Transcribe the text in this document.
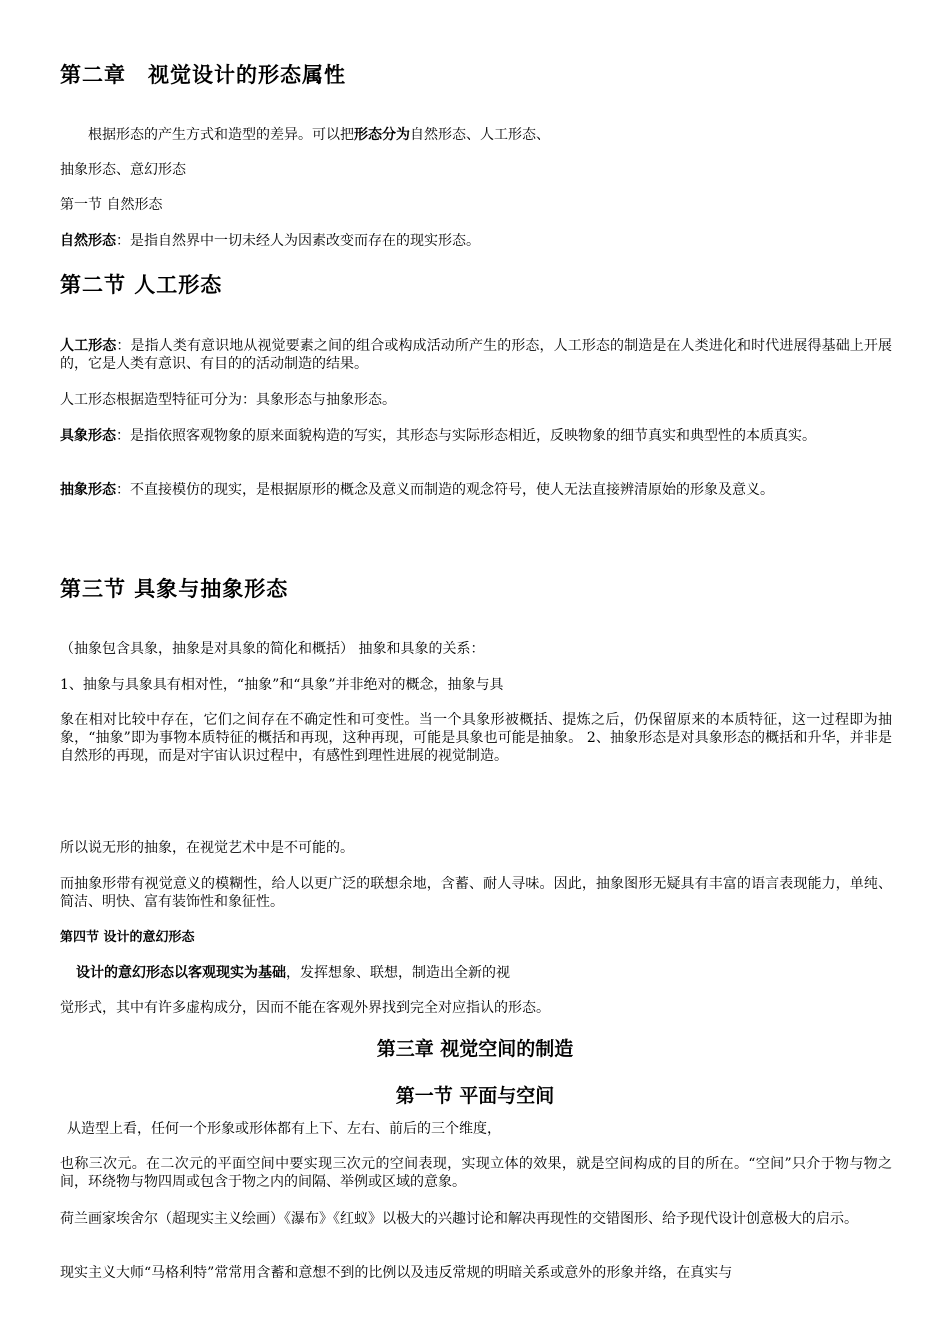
第二章　视觉设计的形态属性

根据形态的产生方式和造型的差异。可以把形态分为自然形态、人工形态、

抽象形态、意幻形态

第一节 自然形态

自然形态：是指自然界中一切未经人为因素改变而存在的现实形态。

第二节 人工形态

人工形态：是指人类有意识地从视觉要素之间的组合或构成活动所产生的形态，人工形态的制造是在人类进化和时代进展得基础上开展的，它是人类有意识、有目的的活动制造的结果。

人工形态根据造型特征可分为：具象形态与抽象形态。

具象形态：是指依照客观物象的原来面貌构造的写实，其形态与实际形态相近，反映物象的细节真实和典型性的本质真实。

抽象形态：不直接模仿的现实，是根据原形的概念及意义而制造的观念符号，使人无法直接辨清原始的形象及意义。

第三节 具象与抽象形态

（抽象包含具象，抽象是对具象的简化和概括） 抽象和具象的关系：

1、抽象与具象具有相对性，“抽象”和“具象”并非绝对的概念，抽象与具

象在相对比较中存在，它们之间存在不确定性和可变性。当一个具象形被概括、提炼之后，仍保留原来的本质特征，这一过程即为抽象，“抽象”即为事物本质特征的概括和再现，这种再现，可能是具象也可能是抽象。 2、抽象形态是对具象形态的概括和升华，并非是自然形的再现，而是对宇宙认识过程中，有感性到理性进展的视觉制造。

所以说无形的抽象，在视觉艺术中是不可能的。

而抽象形带有视觉意义的模糊性，给人以更广泛的联想余地，含蓄、耐人寻味。因此，抽象图形无疑具有丰富的语言表现能力，单纯、简洁、明快、富有装饰性和象征性。

第四节 设计的意幻形态

设计的意幻形态以客观现实为基础，发挥想象、联想，制造出全新的视

觉形式，其中有许多虚构成分，因而不能在客观外界找到完全对应指认的形态。

第三章 视觉空间的制造
第一节 平面与空间

从造型上看，任何一个形象或形体都有上下、左右、前后的三个维度，

也称三次元。在二次元的平面空间中要实现三次元的空间表现，实现立体的效果，就是空间构成的目的所在。“空间”只介于物与物之间，环绕物与物四周或包含于物之内的间隔、举例或区域的意象。

荷兰画家埃舍尔（超现实主义绘画）《瀑布》《红蚁》以极大的兴趣讨论和解决再现性的交错图形、给予现代设计创意极大的启示。

现实主义大师“马格利特”常常用含蓄和意想不到的比例以及违反常规的明暗关系或意外的形象并络，在真实与
